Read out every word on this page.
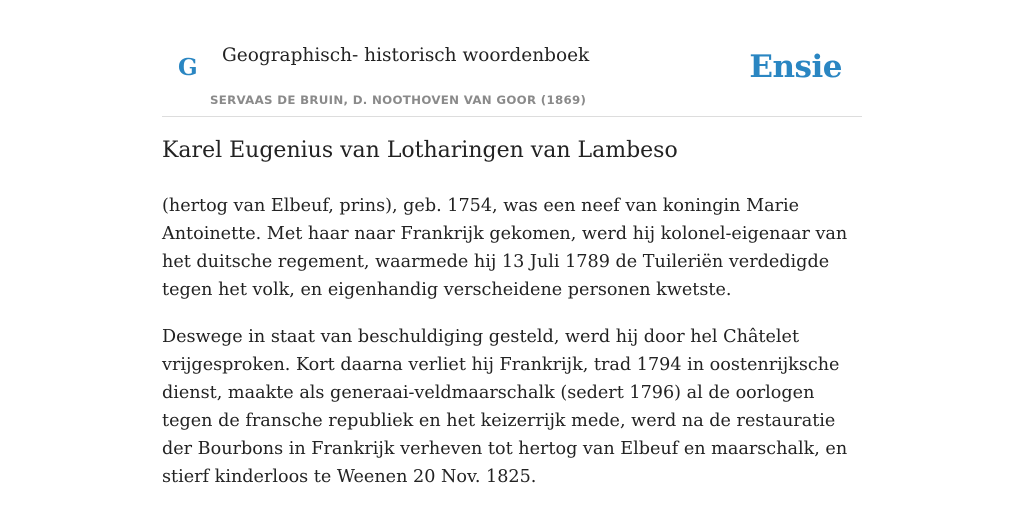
G Geographisch- historisch woordenboek
SERVAAS DE BRUIN, D. NOOTHOVEN VAN GOOR (1869)
Ensie
Karel Eugenius van Lotharingen van Lambeso

(hertog van Elbeuf, prins), geb. 1754, was een neef van koningin Marie Antoinette. Met haar naar Frankrijk gekomen, werd hij kolonel-eigenaar van het duitsche regement, waarmede hij 13 Juli 1789 de Tuileriën verdedigde tegen het volk, en eigenhandig verscheidene personen kwetste.

Deswege in staat van beschuldiging gesteld, werd hij door hel Châtelet vrijgesproken. Kort daarna verliet hij Frankrijk, trad 1794 in oostenrijksche dienst, maakte als generaai-veldmaarschalk (sedert 1796) al de oorlogen tegen de fransche republiek en het keizerrijk mede, werd na de restauratie der Bourbons in Frankrijk verheven tot hertog van Elbeuf en maarschalk, en stierf kinderloos te Weenen 20 Nov. 1825.
